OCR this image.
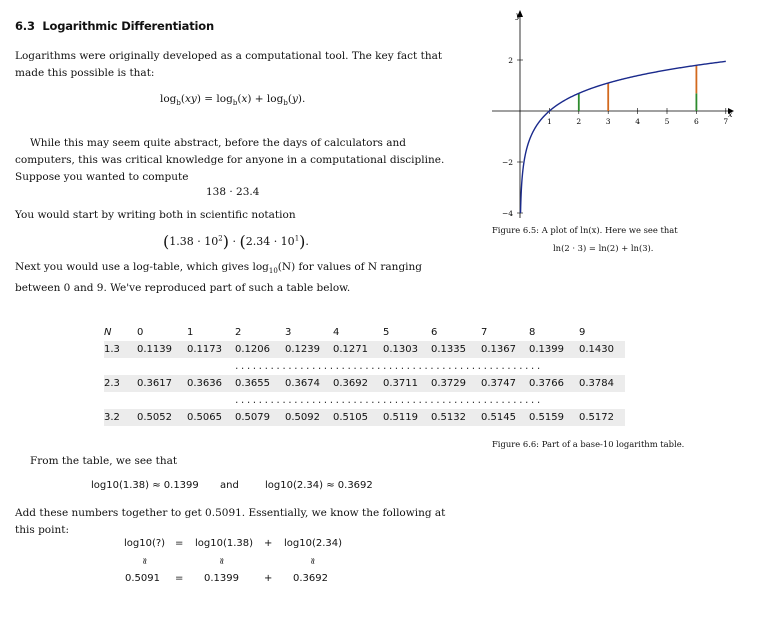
6.3 Logarithmic Differentiation
Logarithms were originally developed as a computational tool. The key fact that made this possible is that:
$\log_b(xy) = \log_b(x) + \log_b(y)$.
While this may seem quite abstract, before the days of calculators and computers, this was critical knowledge for anyone in a computational discipline. Suppose you wanted to compute
138 · 23.4
You would start by writing both in scientific notation
$(1.38 \cdot 10^2) \cdot (2.34 \cdot 10^1)$.
Next you would use a log-table, which gives $\log_{10}(N)$ for values of N ranging between 0 and 9. We've reproduced part of such a table below.
x
y
1	2	3	4	5	6	7
2
−2
−4
Figure 6.5: A plot of ln(x). Here we see that
ln(2 · 3) = ln(2) + ln(3).
N	0	1	2	3	4	5	6	7	8	9
1.3	0.1139	0.1173	0.1206	0.1239	0.1271	0.1303	0.1335	0.1367	0.1399	0.1430
....................................................										
2.3	0.3617	0.3636	0.3655	0.3674	0.3692	0.3711	0.3729	0.3747	0.3766	0.3784
....................................................										
3.2	0.5052	0.5065	0.5079	0.5092	0.5105	0.5119	0.5132	0.5145	0.5159	0.5172
Figure 6.6: Part of a base-10 logarithm table.
From the table, we see that
log10(1.38) ≈ 0.1399 and	log10(2.34) ≈ 0.3692
Add these numbers together to get 0.5091. Essentially, we know the following at this point:
log10(?) = log10(1.38) + log10(2.34)
≈	≈	≈
0.5091 = 0.1399	+ 0.3692
